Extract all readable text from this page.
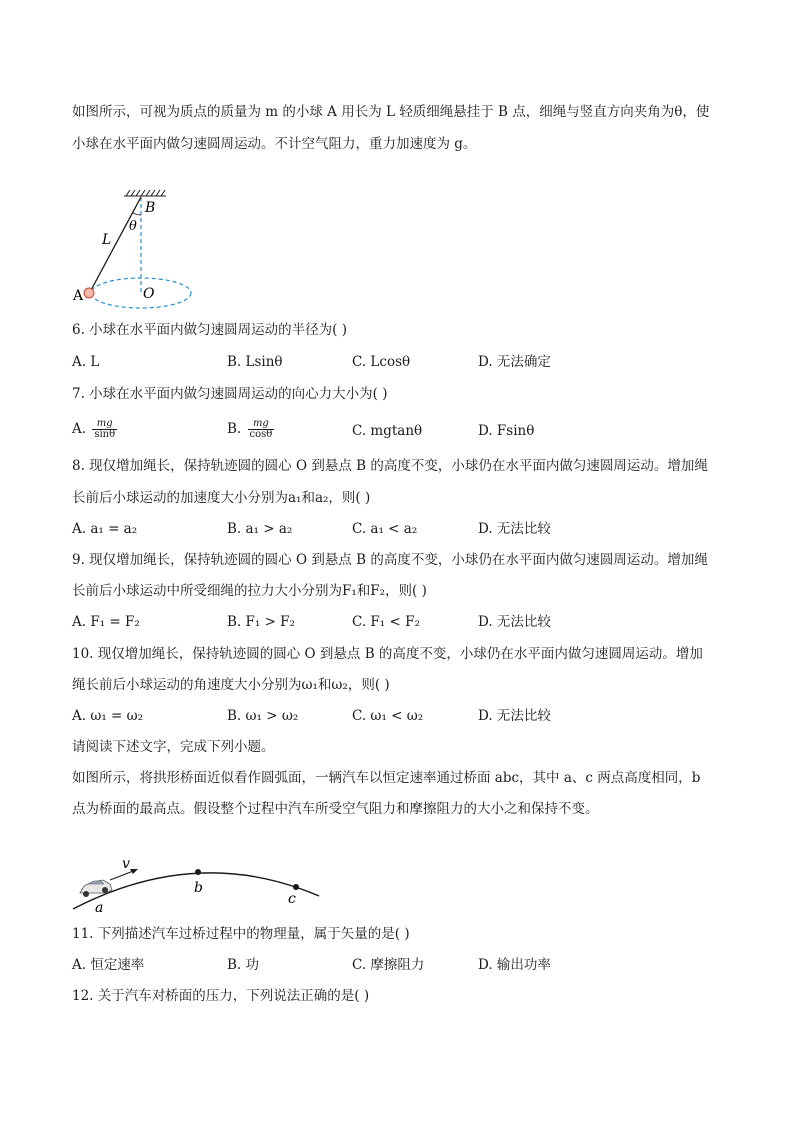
如图所示，可视为质点的质量为 m 的小球 A 用长为 L 轻质细绳悬挂于 B 点，细绳与竖直方向夹角为θ，使
小球在水平面内做匀速圆周运动。不计空气阻力，重力加速度为 g。
B
L
θ
A	O
6. 小球在水平面内做匀速圆周运动的半径为( )
A. L	B. Lsinθ	C. Lcosθ	D. 无法确定
7. 小球在水平面内做匀速圆周运动的向心力大小为( )
A. $\frac{mg}{\sin\theta}$	B. $\frac{mg}{\cos\theta}$	C. mgtanθ	D. Fsinθ
8. 现仅增加绳长，保持轨迹圆的圆心 O 到悬点 B 的高度不变，小球仍在水平面内做匀速圆周运动。增加绳
长前后小球运动的加速度大小分别为a₁和a₂，则( )
A. a₁ = a₂	B. a₁ > a₂	C. a₁ < a₂	D. 无法比较
9. 现仅增加绳长，保持轨迹圆的圆心 O 到悬点 B 的高度不变，小球仍在水平面内做匀速圆周运动。增加绳
长前后小球运动中所受细绳的拉力大小分别为F₁和F₂，则( )
A. F₁ = F₂	B. F₁ > F₂	C. F₁ < F₂	D. 无法比较
10. 现仅增加绳长，保持轨迹圆的圆心 O 到悬点 B 的高度不变，小球仍在水平面内做匀速圆周运动。增加
绳长前后小球运动的角速度大小分别为ω₁和ω₂，则( )
A. ω₁ = ω₂	B. ω₁ > ω₂	C. ω₁ < ω₂	D. 无法比较
请阅读下述文字，完成下列小题。
如图所示，将拱形桥面近似看作圆弧面，一辆汽车以恒定速率通过桥面 abc，其中 a、c 两点高度相同，b
点为桥面的最高点。假设整个过程中汽车所受空气阻力和摩擦阻力的大小之和保持不变。
v
a
b
c
11. 下列描述汽车过桥过程中的物理量，属于矢量的是( )
A. 恒定速率	B. 功	C. 摩擦阻力	D. 输出功率
12. 关于汽车对桥面的压力，下列说法正确的是( )
